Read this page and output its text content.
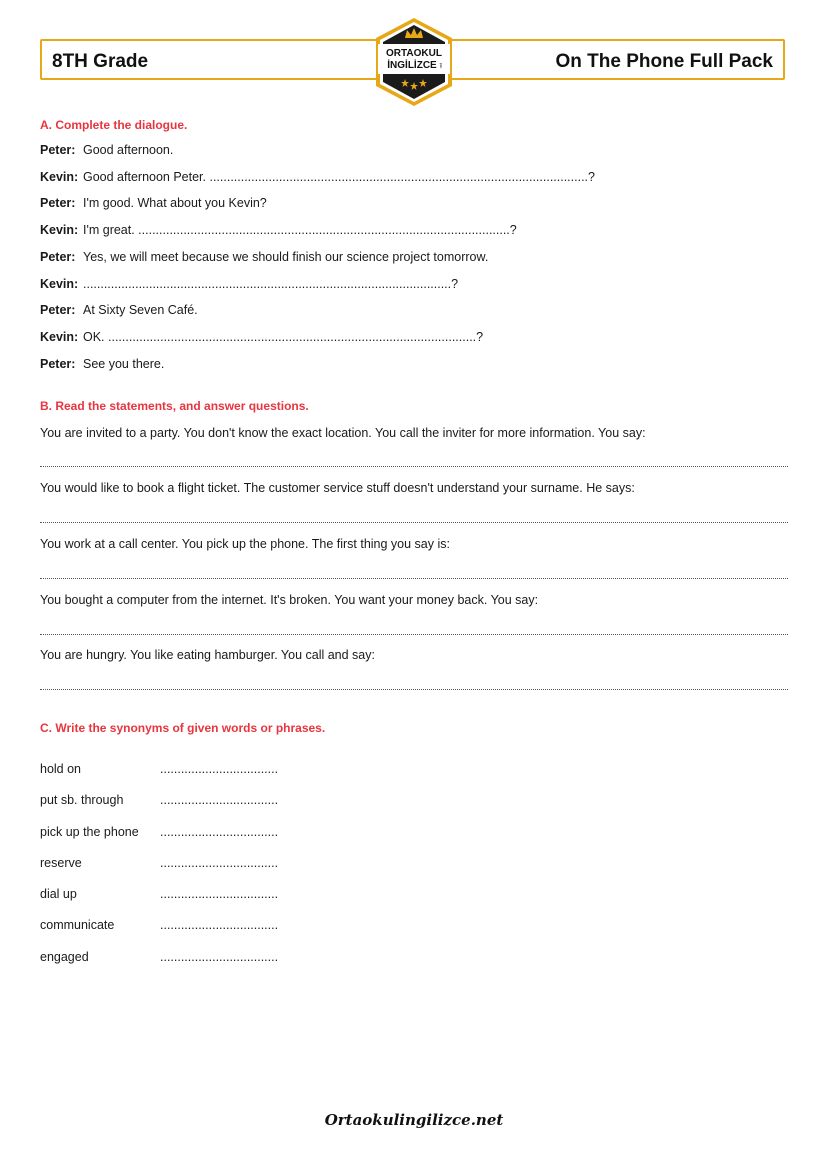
8TH Grade	On The Phone Full Pack
ORTAOKUL
İNGİLİZCE .net
A. Complete the dialogue.
Peter: Good afternoon.
Kevin: Good afternoon Peter. .............................................................................................................?
Peter: I'm good. What about you Kevin?
Kevin: I'm great. ...........................................................................................................?
Peter: Yes, we will meet because we should finish our science project tomorrow.
Kevin: ..........................................................................................................?
Peter: At Sixty Seven Café.
Kevin: OK. ..........................................................................................................?
Peter: See you there.
B. Read the statements, and answer questions.
You are invited to a party. You don't know the exact location. You call the inviter for more information. You say:
You would like to book a flight ticket. The customer service stuff doesn't understand your surname. He says:
You work at a call center. You pick up the phone. The first thing you say is:
You bought a computer from the internet. It's broken. You want your money back. You say:
You are hungry. You like eating hamburger. You call and say:
C. Write the synonyms of given words or phrases.
hold on	..................................
put sb. through	..................................
pick up the phone ..................................
reserve	..................................
dial up	..................................
communicate	..................................
engaged	..................................
Ortaokulingilizce.net
